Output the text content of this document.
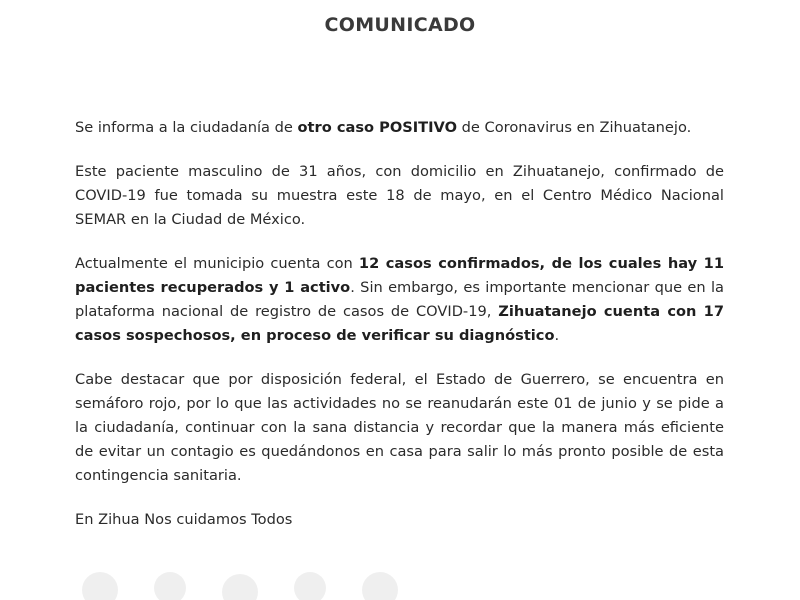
COMUNICADO

Se informa a la ciudadanía de otro caso POSITIVO de Coronavirus en Zihuatanejo.

Este paciente masculino de 31 años, con domicilio en Zihuatanejo, confirmado de COVID-19 fue tomada su muestra este 18 de mayo, en el Centro Médico Nacional SEMAR en la Ciudad de México.

Actualmente el municipio cuenta con 12 casos confirmados, de los cuales hay 11 pacientes recuperados y 1 activo. Sin embargo, es importante mencionar que en la plataforma nacional de registro de casos de COVID-19, Zihuatanejo cuenta con 17 casos sospechosos, en proceso de verificar su diagnóstico.

Cabe destacar que por disposición federal, el Estado de Guerrero, se encuentra en semáforo rojo, por lo que las actividades no se reanudarán este 01 de junio y se pide a la ciudadanía, continuar con la sana distancia y recordar que la manera más eficiente de evitar un contagio es quedándonos en casa para salir lo más pronto posible de esta contingencia sanitaria.

En Zihua Nos cuidamos Todos
